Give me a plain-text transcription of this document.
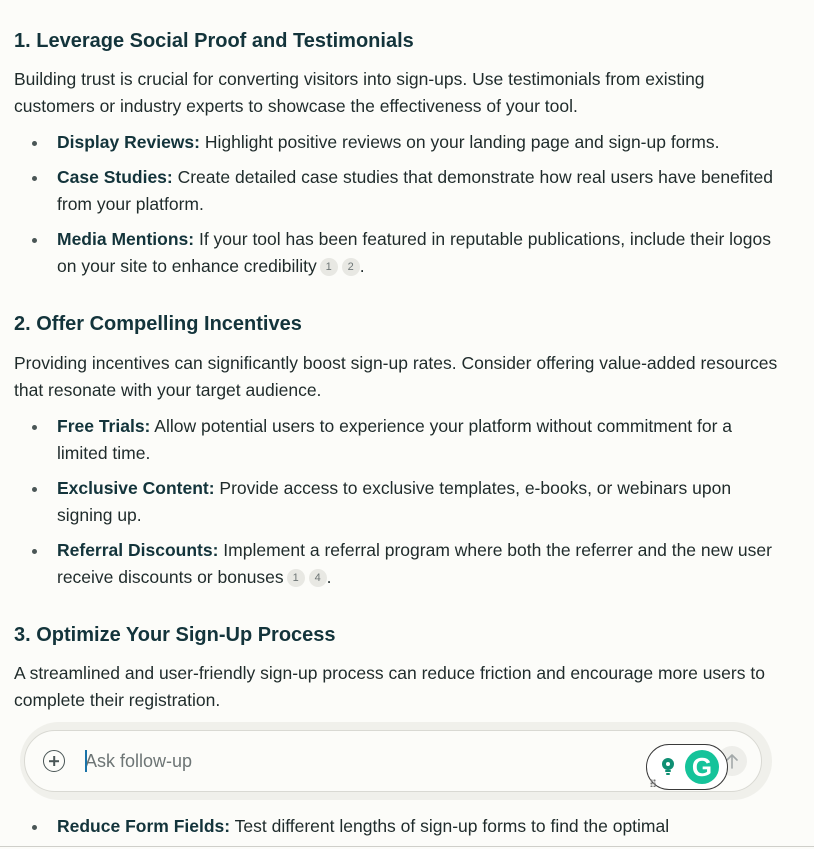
1. Leverage Social Proof and Testimonials

Building trust is crucial for converting visitors into sign-ups. Use testimonials from existing customers or industry experts to showcase the effectiveness of your tool.

Display Reviews: Highlight positive reviews on your landing page and sign-up forms.
Case Studies: Create detailed case studies that demonstrate how real users have benefited from your platform.
Media Mentions: If your tool has been featured in reputable publications, include their logos on your site to enhance credibility 1 2 .
2. Offer Compelling Incentives

Providing incentives can significantly boost sign-up rates. Consider offering value-added resources that resonate with your target audience.

Free Trials: Allow potential users to experience your platform without commitment for a limited time.
Exclusive Content: Provide access to exclusive templates, e-books, or webinars upon signing up.
Referral Discounts: Implement a referral program where both the referrer and the new user receive discounts or bonuses 1 4 .
3. Optimize Your Sign-Up Process

A streamlined and user-friendly sign-up process can reduce friction and encourage more users to complete their registration.

Reduce Form Fields: Test different lengths of sign-up forms to find the optimal
Ask follow-up
G
